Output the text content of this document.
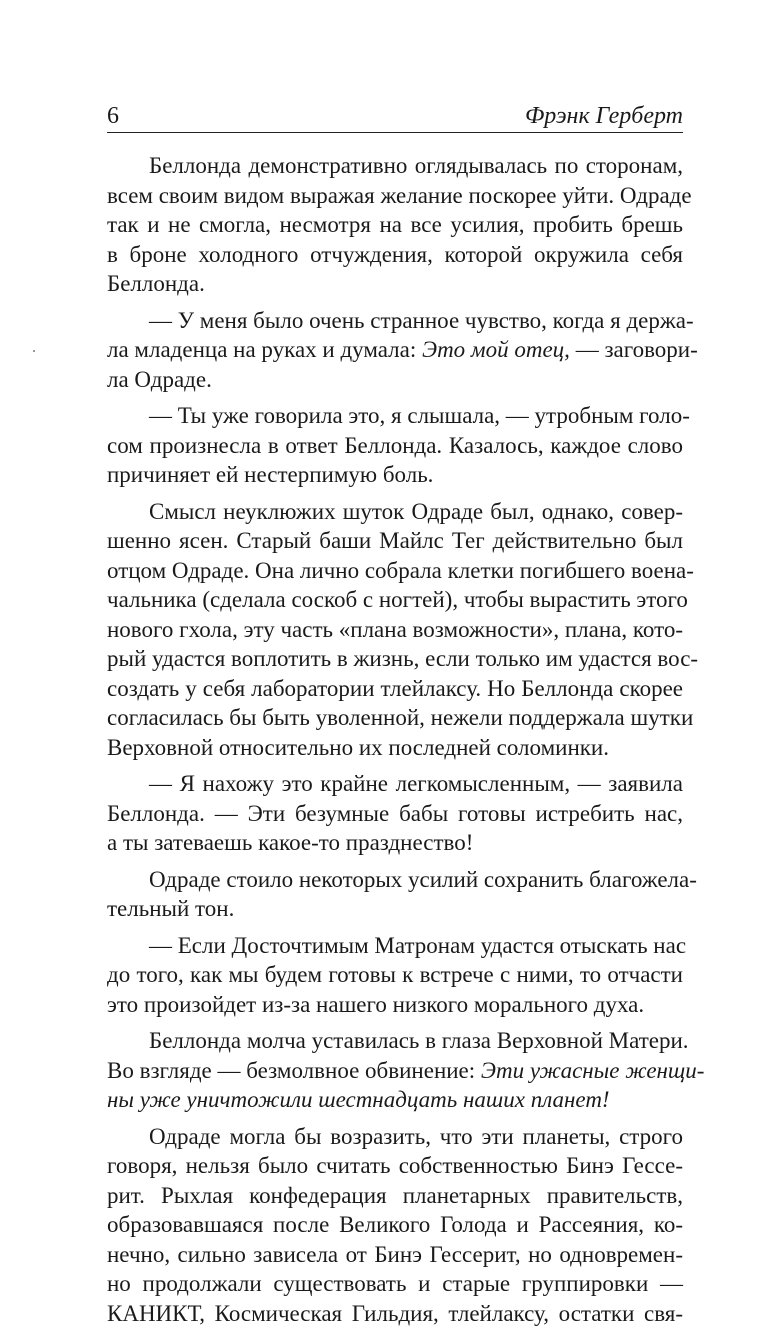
6	Фрэнк Герберт
Беллонда демонстративно оглядывалась по сторонам,
всем своим видом выражая желание поскорее уйти. Одраде
так и не смогла, несмотря на все усилия, пробить брешь
в броне холодного отчуждения, которой окружила себя
Беллонда.
— У меня было очень странное чувство, когда я держа-
ла младенца на руках и думала: Это мой отец, — заговори-
ла Одраде.
— Ты уже говорила это, я слышала, — утробным голо-
сом произнесла в ответ Беллонда. Казалось, каждое слово
причиняет ей нестерпимую боль.
Смысл неуклюжих шуток Одраде был, однако, совер-
шенно ясен. Старый баши Майлс Тег действительно был
отцом Одраде. Она лично собрала клетки погибшего воена-
чальника (сделала соскоб с ногтей), чтобы вырастить этого
нового гхола, эту часть «плана возможности», плана, кото-
рый удастся воплотить в жизнь, если только им удастся вос-
создать у себя лаборатории тлейлаксу. Но Беллонда скорее
согласилась бы быть уволенной, нежели поддержала шутки
Верховной относительно их последней соломинки.
— Я нахожу это крайне легкомысленным, — заявила
Беллонда. — Эти безумные бабы готовы истребить нас,
а ты затеваешь какое-то празднество!
Одраде стоило некоторых усилий сохранить благожела-
тельный тон.
— Если Досточтимым Матронам удастся отыскать нас
до того, как мы будем готовы к встрече с ними, то отчасти
это произойдет из-за нашего низкого морального духа.
Беллонда молча уставилась в глаза Верховной Матери.
Во взгляде — безмолвное обвинение: Эти ужасные женщи-
ны уже уничтожили шестнадцать наших планет!
Одраде могла бы возразить, что эти планеты, строго
говоря, нельзя было считать собственностью Бинэ Гессе-
рит. Рыхлая конфедерация планетарных правительств,
образовавшаяся после Великого Голода и Рассеяния, ко-
нечно, сильно зависела от Бинэ Гессерит, но одновремен-
но продолжали существовать и старые группировки —
КАНИКТ, Космическая Гильдия, тлейлаксу, остатки свя-
